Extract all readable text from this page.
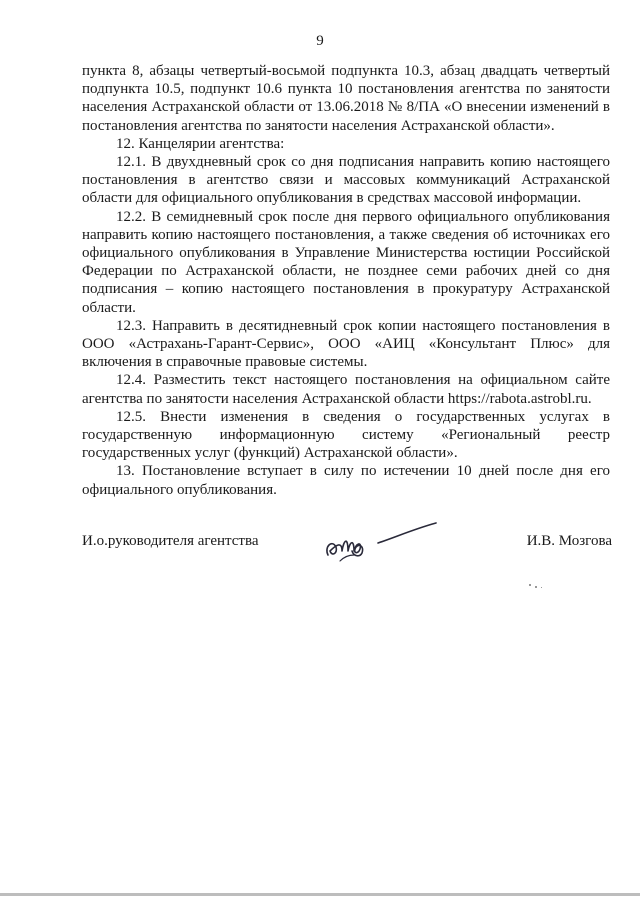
9

пункта 8, абзацы четвертый-восьмой подпункта 10.3, абзац двадцать четвертый подпункта 10.5, подпункт 10.6 пункта 10 постановления агентства по занятости населения Астраханской области от 13.06.2018 № 8/ПА «О внесении изменений в постановления агентства по занятости населения Астраханской области».

12. Канцелярии агентства:

12.1. В двухдневный срок со дня подписания направить копию настоящего постановления в агентство связи и массовых коммуникаций Астраханской области для официального опубликования в средствах массовой информации.

12.2. В семидневный срок после дня первого официального опубликования направить копию настоящего постановления, а также сведения об источниках его официального опубликования в Управление Министерства юстиции Российской Федерации по Астраханской области, не позднее семи рабочих дней со дня подписания – копию настоящего постановления в прокуратуру Астраханской области.

12.3. Направить в десятидневный срок копии настоящего постановления в ООО «Астрахань-Гарант-Сервис», ООО «АИЦ «Консультант Плюс» для включения в справочные правовые системы.

12.4. Разместить текст настоящего постановления на официальном сайте агентства по занятости населения Астраханской области https://rabota.astrobl.ru.

12.5. Внести изменения в сведения о государственных услугах в государственную информационную систему «Региональный реестр государственных услуг (функций) Астраханской области».

13. Постановление вступает в силу по истечении 10 дней после дня его официального опубликования.

И.о.руководителя агентства	И.В. Мозгова
